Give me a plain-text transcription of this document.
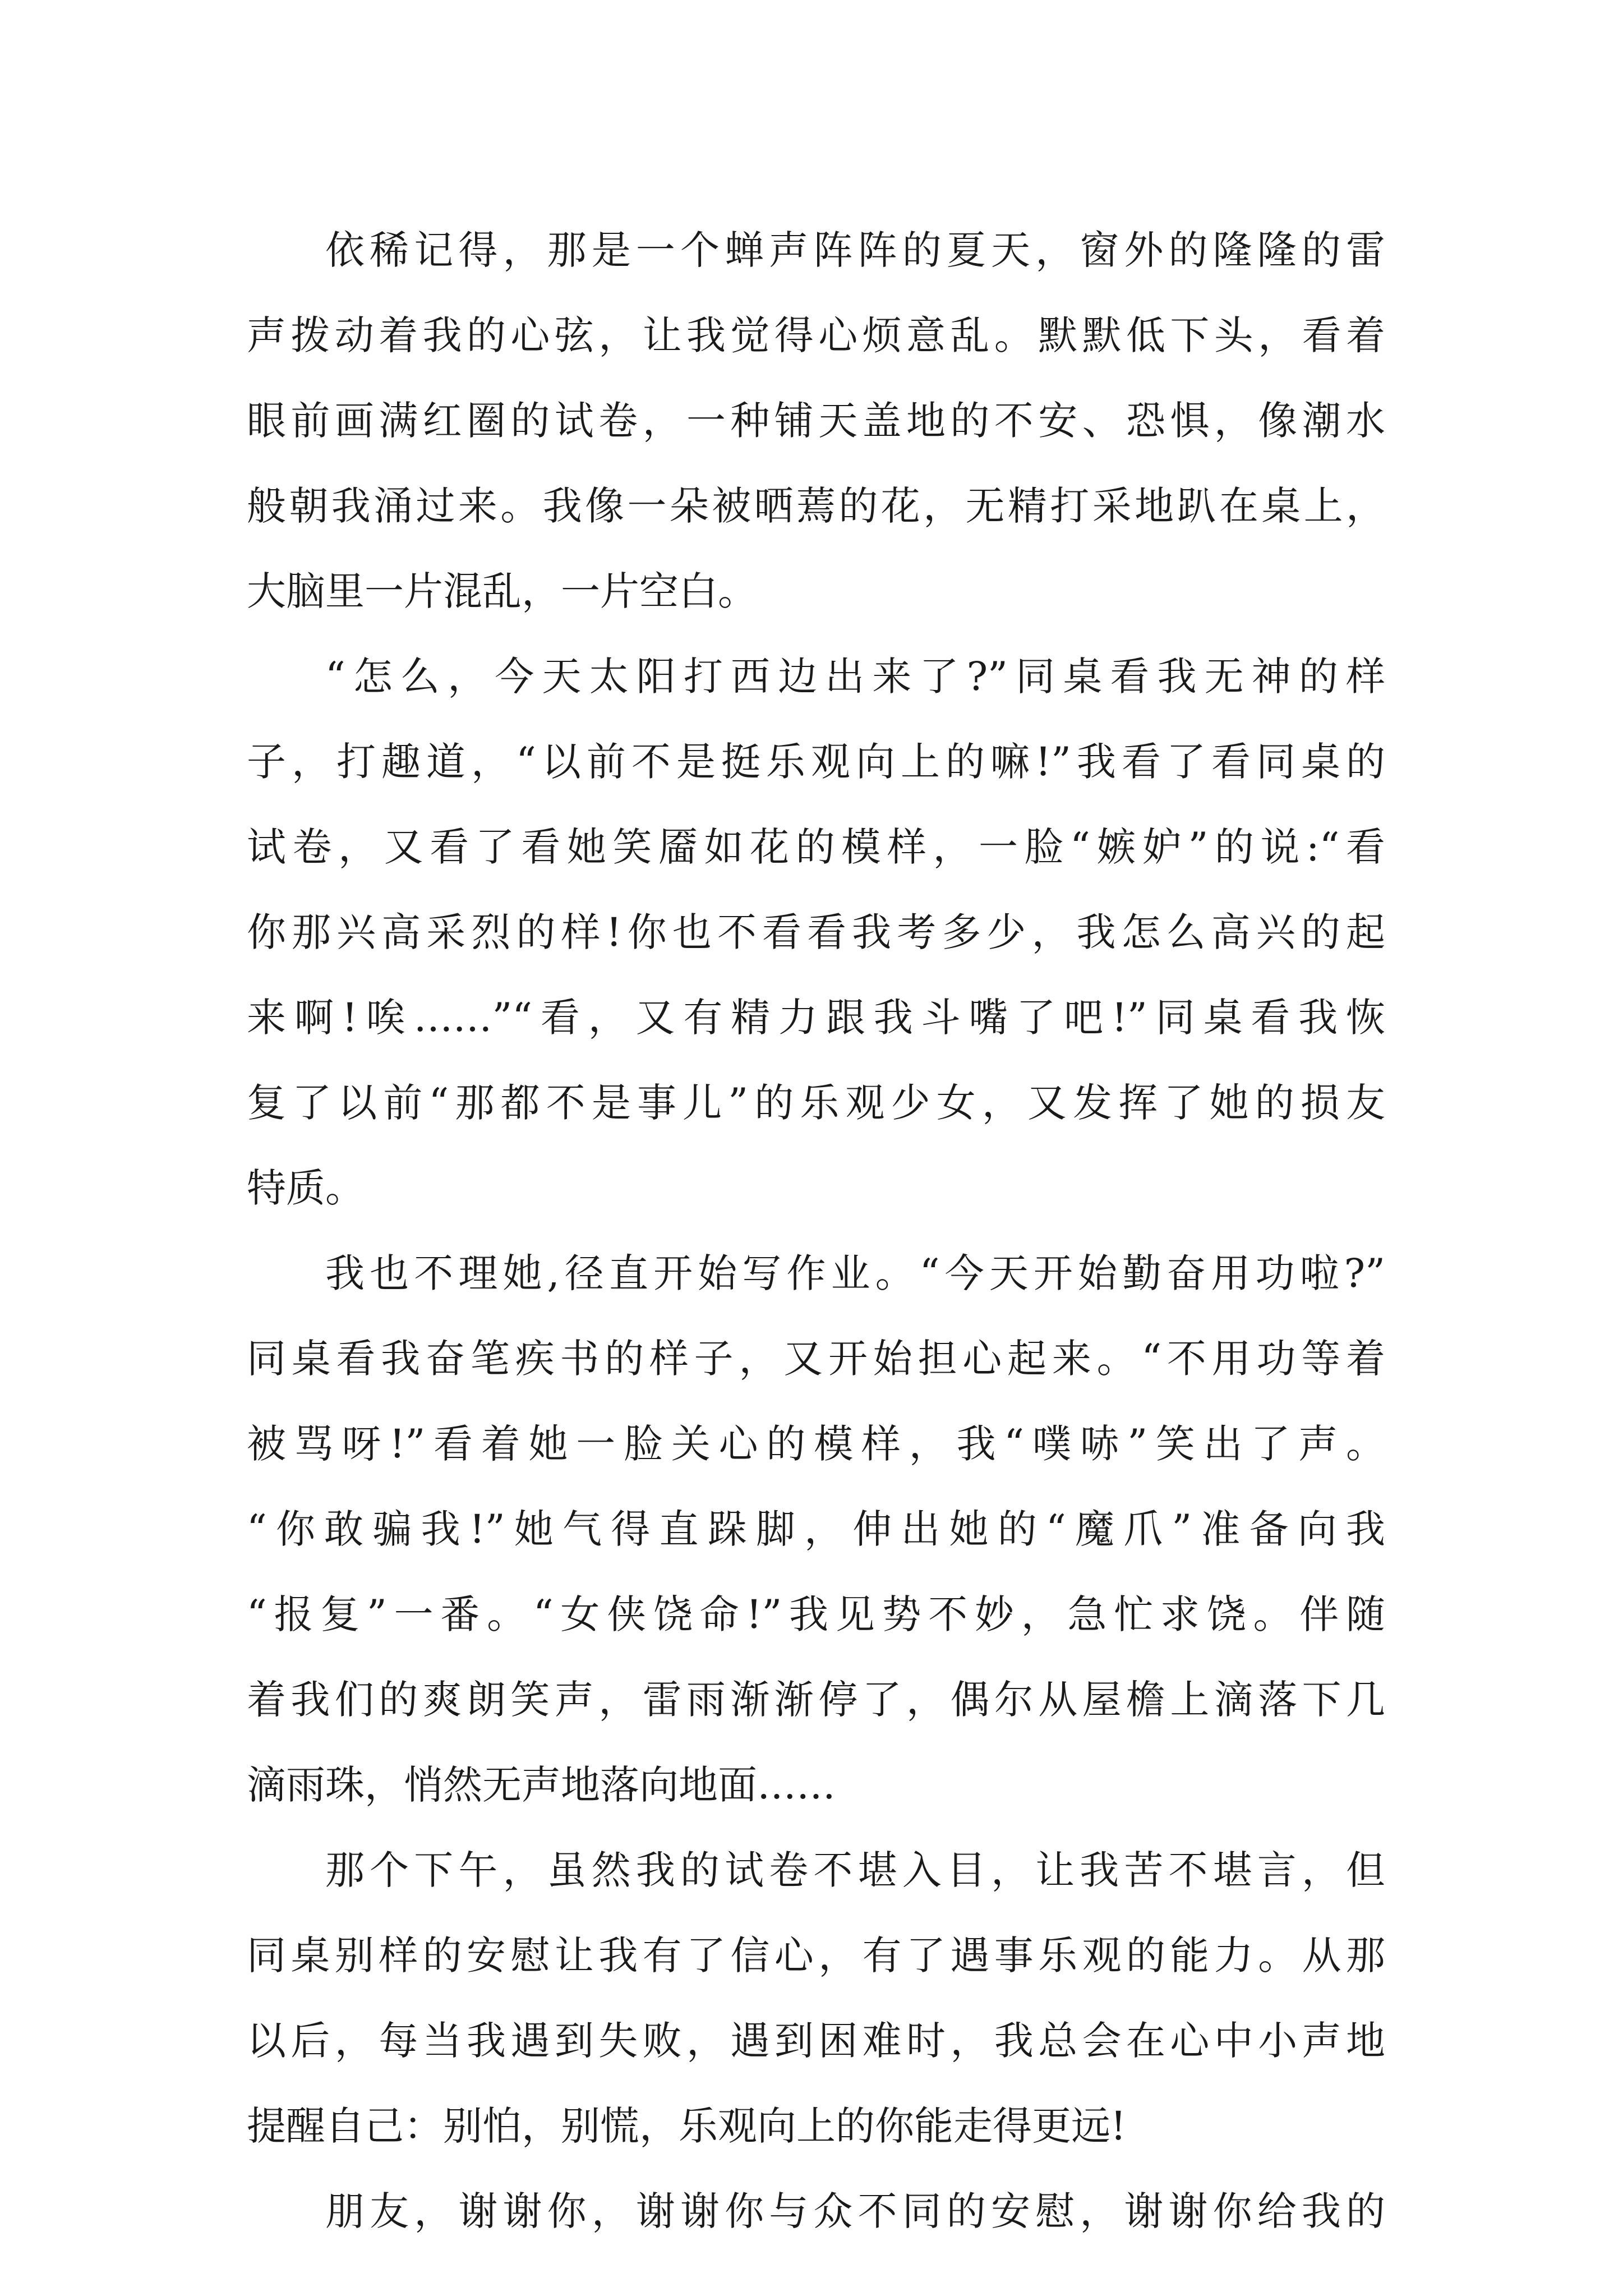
依稀记得，那是一个蝉声阵阵的夏天，窗外的隆隆的雷
声拨动着我的心弦，让我觉得心烦意乱。默默低下头，看着
眼前画满红圈的试卷，一种铺天盖地的不安、恐惧，像潮水
般朝我涌过来。我像一朵被晒蔫的花，无精打采地趴在桌上，
大脑里一片混乱，一片空白。
“怎么，今天太阳打西边出来了?”同桌看我无神的样
子，打趣道，“以前不是挺乐观向上的嘛!”我看了看同桌的
试卷，又看了看她笑靥如花的模样，一脸“嫉妒”的说:“看
你那兴高采烈的样!你也不看看我考多少，我怎么高兴的起
来啊!唉……”“看，又有精力跟我斗嘴了吧!”同桌看我恢
复了以前“那都不是事儿”的乐观少女，又发挥了她的损友
特质。
我也不理她,径直开始写作业。“今天开始勤奋用功啦?”
同桌看我奋笔疾书的样子，又开始担心起来。“不用功等着
被骂呀!”看着她一脸关心的模样，我“噗哧”笑出了声。
“你敢骗我!”她气得直跺脚，伸出她的“魔爪”准备向我
“报复”一番。“女侠饶命!”我见势不妙，急忙求饶。伴随
着我们的爽朗笑声，雷雨渐渐停了，偶尔从屋檐上滴落下几
滴雨珠，悄然无声地落向地面……
那个下午，虽然我的试卷不堪入目，让我苦不堪言，但
同桌别样的安慰让我有了信心，有了遇事乐观的能力。从那
以后，每当我遇到失败，遇到困难时，我总会在心中小声地
提醒自己：别怕，别慌，乐观向上的你能走得更远!
朋友，谢谢你，谢谢你与众不同的安慰，谢谢你给我的
